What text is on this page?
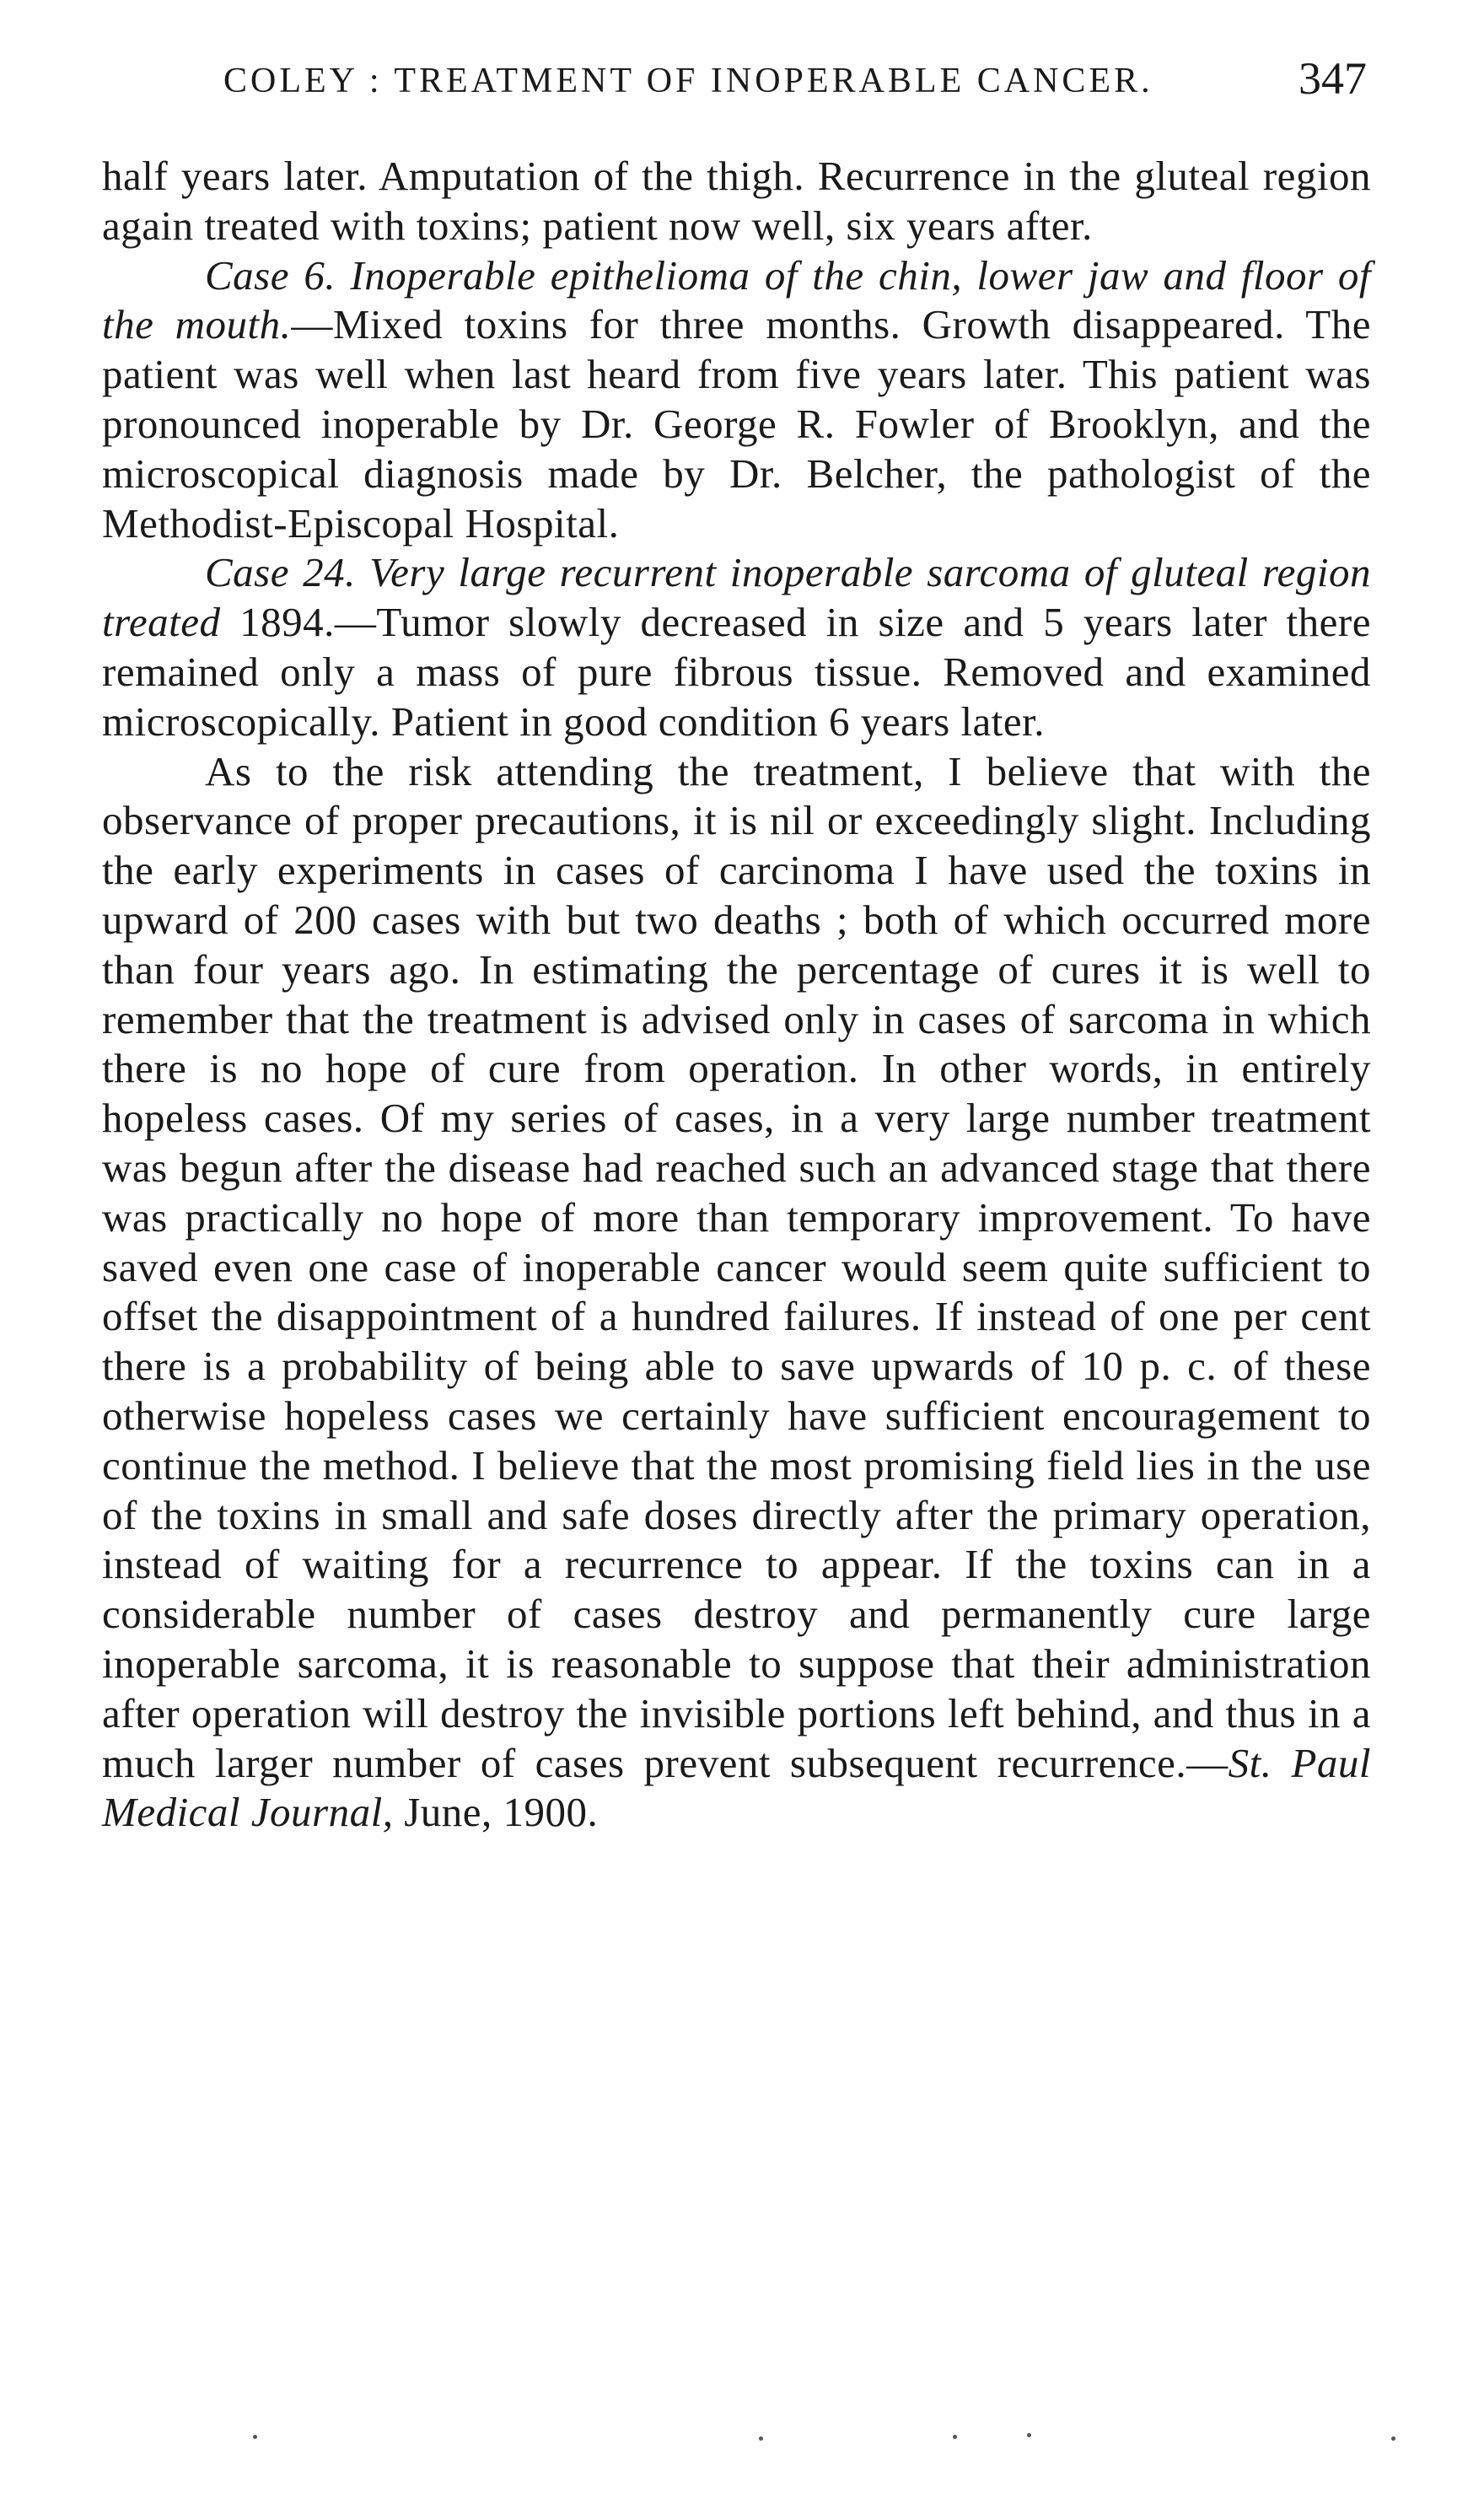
COLEY : TREATMENT OF INOPERABLE CANCER.	347

half years later. Amputation of the thigh. Recurrence in the gluteal region again treated with toxins; patient now well, six years after.

Case 6. Inoperable epithelioma of the chin, lower jaw and floor of the mouth.—Mixed toxins for three months. Growth disappeared. The patient was well when last heard from five years later. This patient was pronounced inoperable by Dr. George R. Fowler of Brooklyn, and the microscopical diagnosis made by Dr. Belcher, the pathologist of the Methodist-Episcopal Hospital.

Case 24. Very large recurrent inoperable sarcoma of gluteal region treated 1894.—Tumor slowly decreased in size and 5 years later there remained only a mass of pure fibrous tissue. Removed and examined microscopically. Patient in good condition 6 years later.

As to the risk attending the treatment, I believe that with the observance of proper precautions, it is nil or exceedingly slight. Including the early experiments in cases of carcinoma I have used the toxins in upward of 200 cases with but two deaths ; both of which occurred more than four years ago. In estimating the percentage of cures it is well to remember that the treatment is advised only in cases of sarcoma in which there is no hope of cure from operation. In other words, in entirely hopeless cases. Of my series of cases, in a very large number treatment was begun after the disease had reached such an advanced stage that there was practically no hope of more than temporary improvement. To have saved even one case of inoperable cancer would seem quite sufficient to offset the disappointment of a hundred failures. If instead of one per cent there is a probability of being able to save upwards of 10 p. c. of these otherwise hopeless cases we certainly have sufficient encouragement to continue the method. I believe that the most promising field lies in the use of the toxins in small and safe doses directly after the primary operation, instead of waiting for a recurrence to appear. If the toxins can in a considerable number of cases destroy and permanently cure large inoperable sarcoma, it is reasonable to suppose that their administration after operation will destroy the invisible portions left behind, and thus in a much larger number of cases prevent subsequent recurrence.—St. Paul Medical Journal, June, 1900.
